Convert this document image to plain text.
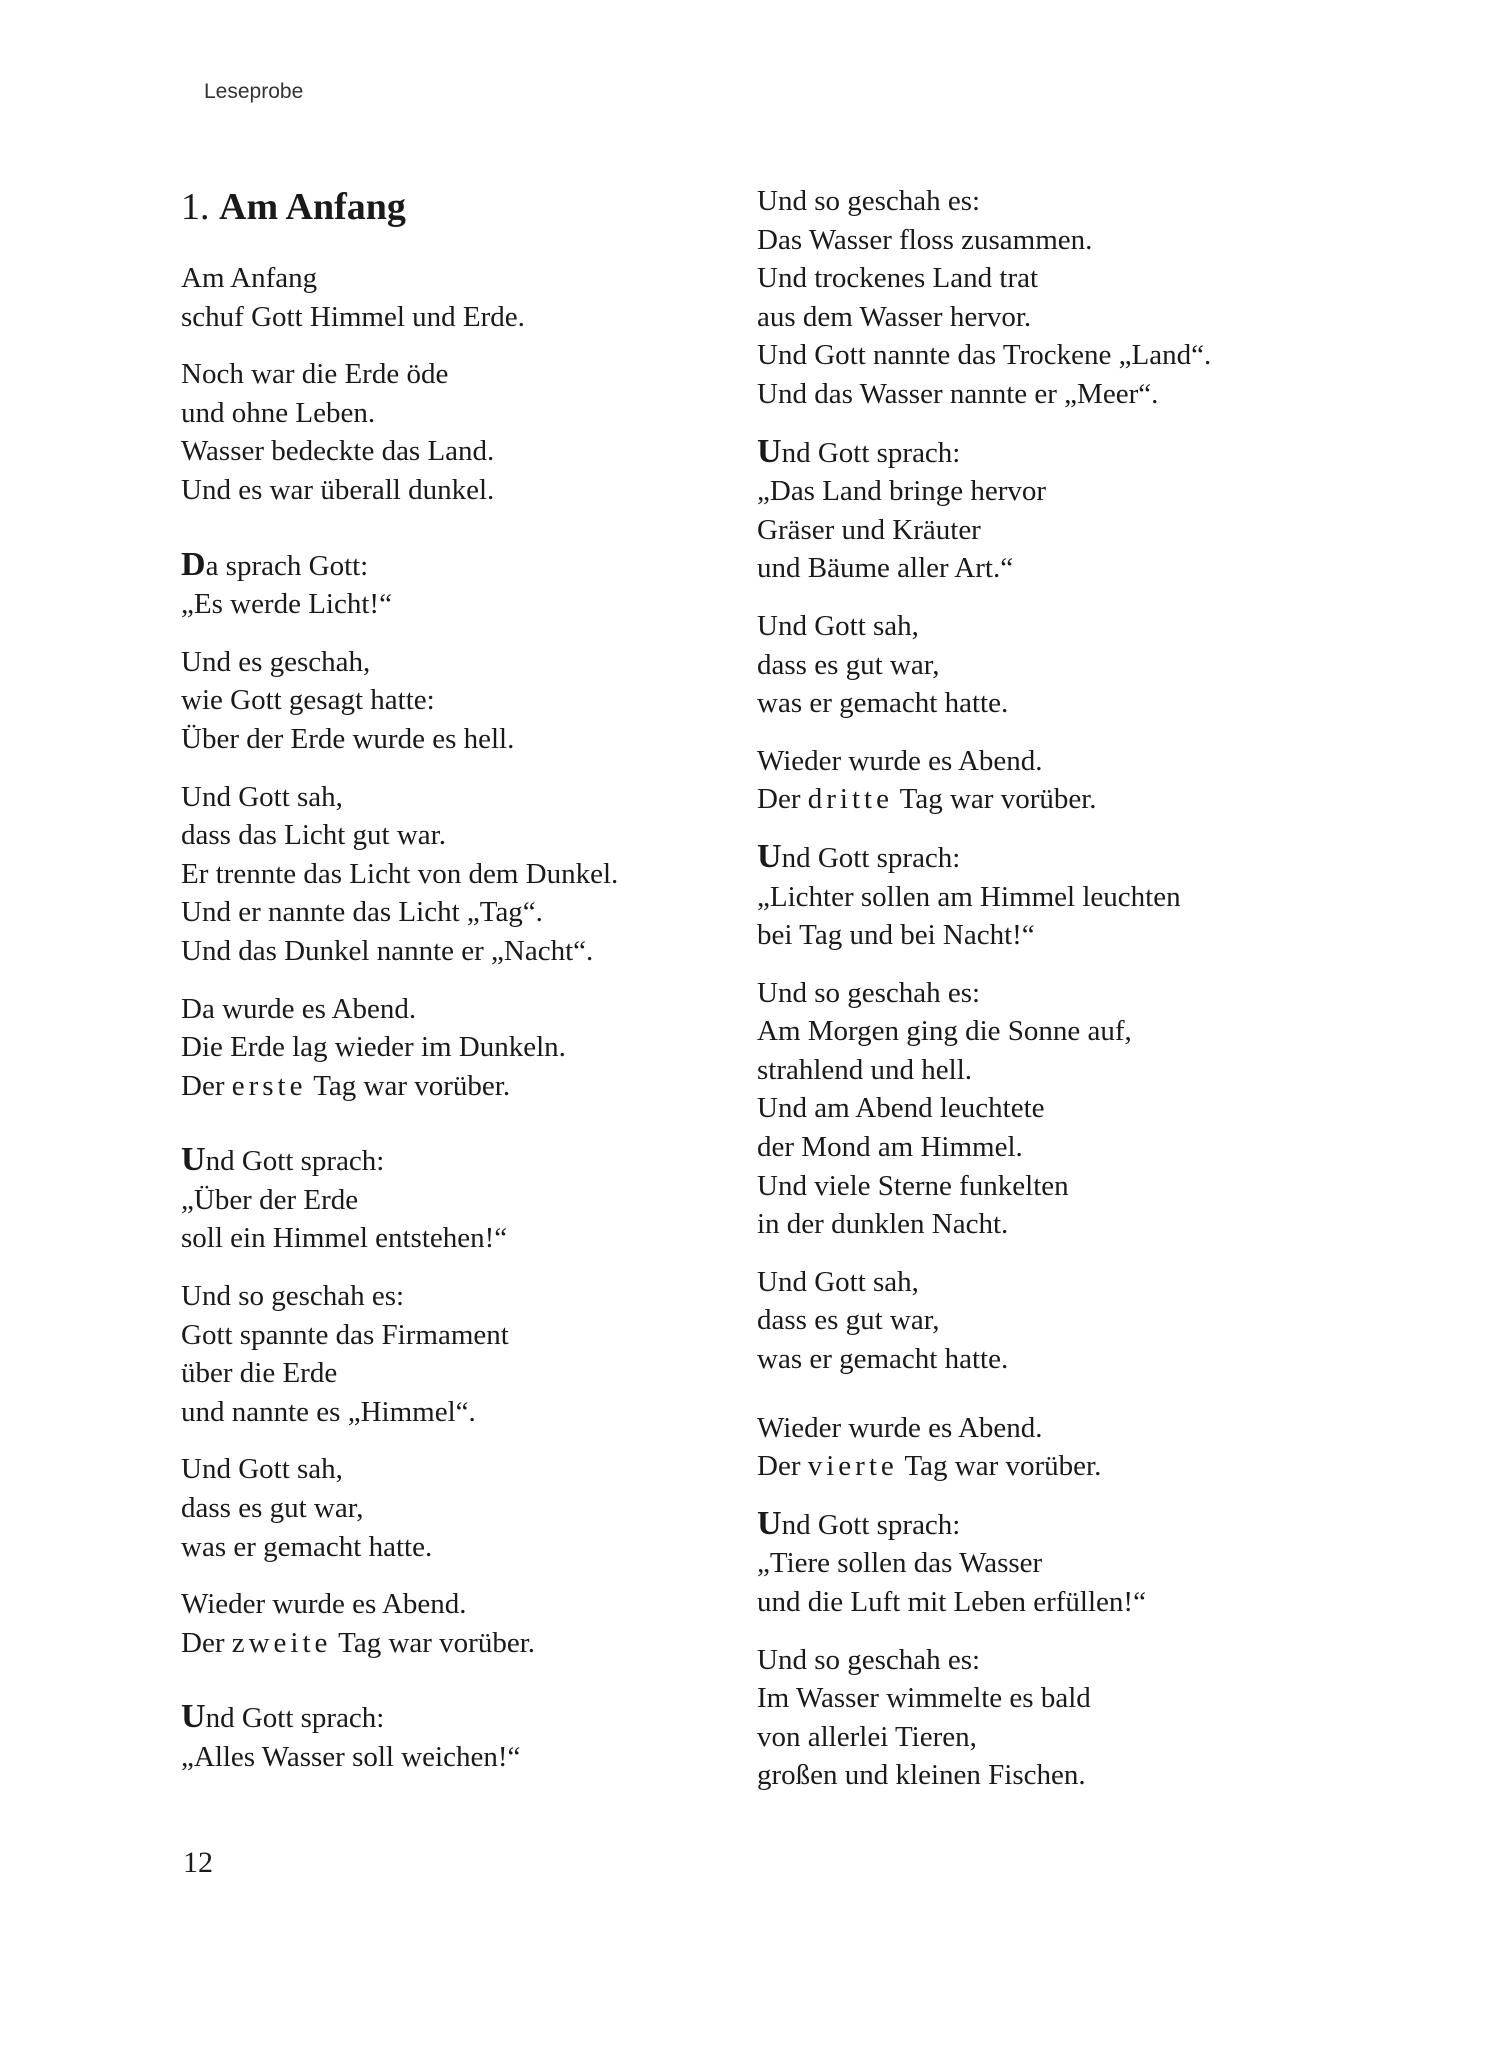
Leseprobe
1. Am Anfang
Am Anfang
schuf Gott Himmel und Erde.
Noch war die Erde öde
und ohne Leben.
Wasser bedeckte das Land.
Und es war überall dunkel.
Da sprach Gott:
„Es werde Licht!“
Und es geschah,
wie Gott gesagt hatte:
Über der Erde wurde es hell.
Und Gott sah,
dass das Licht gut war.
Er trennte das Licht von dem Dunkel.
Und er nannte das Licht „Tag“.
Und das Dunkel nannte er „Nacht“.
Da wurde es Abend.
Die Erde lag wieder im Dunkeln.
Der erste Tag war vorüber.
Und Gott sprach:
„Über der Erde
soll ein Himmel entstehen!“
Und so geschah es:
Gott spannte das Firmament
über die Erde
und nannte es „Himmel“.
Und Gott sah,
dass es gut war,
was er gemacht hatte.
Wieder wurde es Abend.
Der zweite Tag war vorüber.
Und Gott sprach:
„Alles Wasser soll weichen!“
Und so geschah es:
Das Wasser floss zusammen.
Und trockenes Land trat
aus dem Wasser hervor.
Und Gott nannte das Trockene „Land“.
Und das Wasser nannte er „Meer“.
Und Gott sprach:
„Das Land bringe hervor
Gräser und Kräuter
und Bäume aller Art.“
Und Gott sah,
dass es gut war,
was er gemacht hatte.
Wieder wurde es Abend.
Der dritte Tag war vorüber.
Und Gott sprach:
„Lichter sollen am Himmel leuchten
bei Tag und bei Nacht!“
Und so geschah es:
Am Morgen ging die Sonne auf,
strahlend und hell.
Und am Abend leuchtete
der Mond am Himmel.
Und viele Sterne funkelten
in der dunklen Nacht.
Und Gott sah,
dass es gut war,
was er gemacht hatte.
Wieder wurde es Abend.
Der vierte Tag war vorüber.
Und Gott sprach:
„Tiere sollen das Wasser
und die Luft mit Leben erfüllen!“
Und so geschah es:
Im Wasser wimmelte es bald
von allerlei Tieren,
großen und kleinen Fischen.
12
